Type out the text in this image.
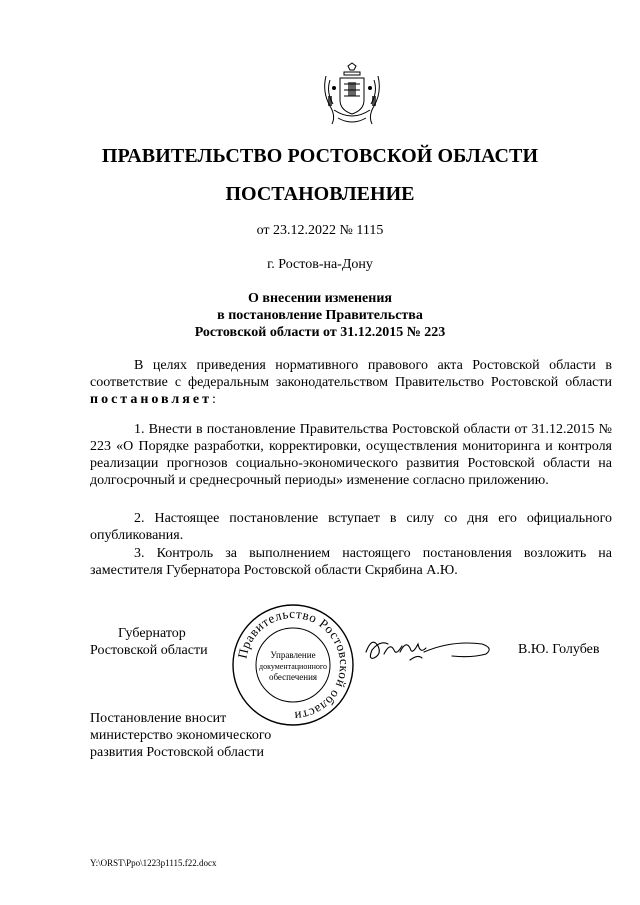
ПРАВИТЕЛЬСТВО РОСТОВСКОЙ ОБЛАСТИ
ПОСТАНОВЛЕНИЕ
от 23.12.2022 № 1115
г. Ростов-на-Дону
О внесении изменения
в постановление Правительства
Ростовской области от 31.12.2015 № 223
В целях приведения нормативного правового акта Ростовской области в соответствие с федеральным законодательством Правительство Ростовской области постановляет:
1. Внести в постановление Правительства Ростовской области от 31.12.2015 № 223 «О Порядке разработки, корректировки, осуществления мониторинга и контроля реализации прогнозов социально-экономического развития Ростовской области на долгосрочный и среднесрочный периоды» изменение согласно приложению.
2. Настоящее постановление вступает в силу со дня его официального опубликования.
3. Контроль за выполнением настоящего постановления возложить на заместителя Губернатора Ростовской области Скрябина А.Ю.
Губернатор
Ростовской области	Правительство Ростовской области
Управление
документационного
обеспечения
В.Ю. Голубев
Постановление вносит
министерство экономического
развития Ростовской области
Y:\ORST\Ppo\1223p1115.f22.docx
